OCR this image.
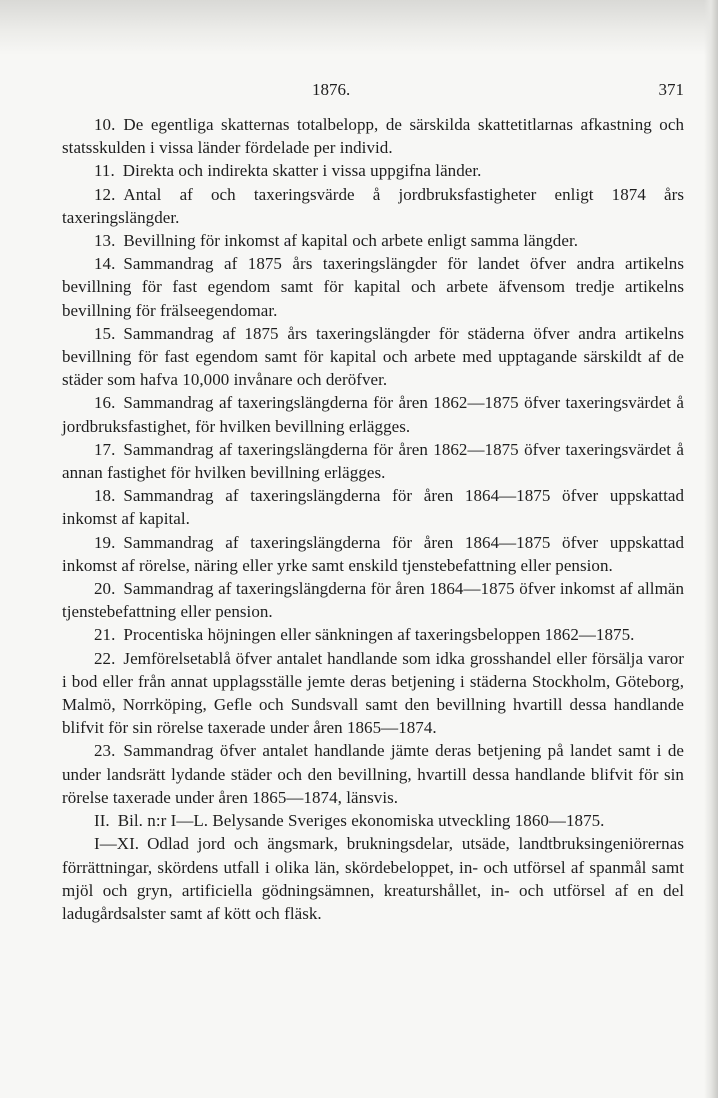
1876.	371

10. De egentliga skatternas totalbelopp, de särskilda skattetitlarnas afkastning och statsskulden i vissa länder fördelade per individ.

11. Direkta och indirekta skatter i vissa uppgifna länder.

12. Antal af och taxeringsvärde å jordbruksfastigheter enligt 1874 års taxeringslängder.

13. Bevillning för inkomst af kapital och arbete enligt samma längder.

14. Sammandrag af 1875 års taxeringslängder för landet öfver andra artikelns bevillning för fast egendom samt för kapital och arbete äfvensom tredje artikelns bevillning för frälseegendomar.

15. Sammandrag af 1875 års taxeringslängder för städerna öfver andra artikelns bevillning för fast egendom samt för kapital och arbete med upptagande särskildt af de städer som hafva 10,000 invånare och deröfver.

16. Sammandrag af taxeringslängderna för åren 1862—1875 öfver taxeringsvärdet å jordbruksfastighet, för hvilken bevillning erlägges.

17. Sammandrag af taxeringslängderna för åren 1862—1875 öfver taxeringsvärdet å annan fastighet för hvilken bevillning erlägges.

18. Sammandrag af taxeringslängderna för åren 1864—1875 öfver uppskattad inkomst af kapital.

19. Sammandrag af taxeringslängderna för åren 1864—1875 öfver uppskattad inkomst af rörelse, näring eller yrke samt enskild tjenstebefattning eller pension.

20. Sammandrag af taxeringslängderna för åren 1864—1875 öfver inkomst af allmän tjenstebefattning eller pension.

21. Procentiska höjningen eller sänkningen af taxeringsbeloppen 1862—1875.

22. Jemförelsetablå öfver antalet handlande som idka grosshandel eller försälja varor i bod eller från annat upplagsställe jemte deras betjening i städerna Stockholm, Göteborg, Malmö, Norrköping, Gefle och Sundsvall samt den bevillning hvartill dessa handlande blifvit för sin rörelse taxerade under åren 1865—1874.

23. Sammandrag öfver antalet handlande jämte deras betjening på landet samt i de under landsrätt lydande städer och den bevillning, hvartill dessa handlande blifvit för sin rörelse taxerade under åren 1865—1874, länsvis.

II. Bil. n:r I—L. Belysande Sveriges ekonomiska utveckling 1860—1875.

I—XI. Odlad jord och ängsmark, brukningsdelar, utsäde, landtbruksingeniörernas förrättningar, skördens utfall i olika län, skördebeloppet, in- och utförsel af spanmål samt mjöl och gryn, artificiella gödningsämnen, kreaturshållet, in- och utförsel af en del ladugårdsalster samt af kött och fläsk.
